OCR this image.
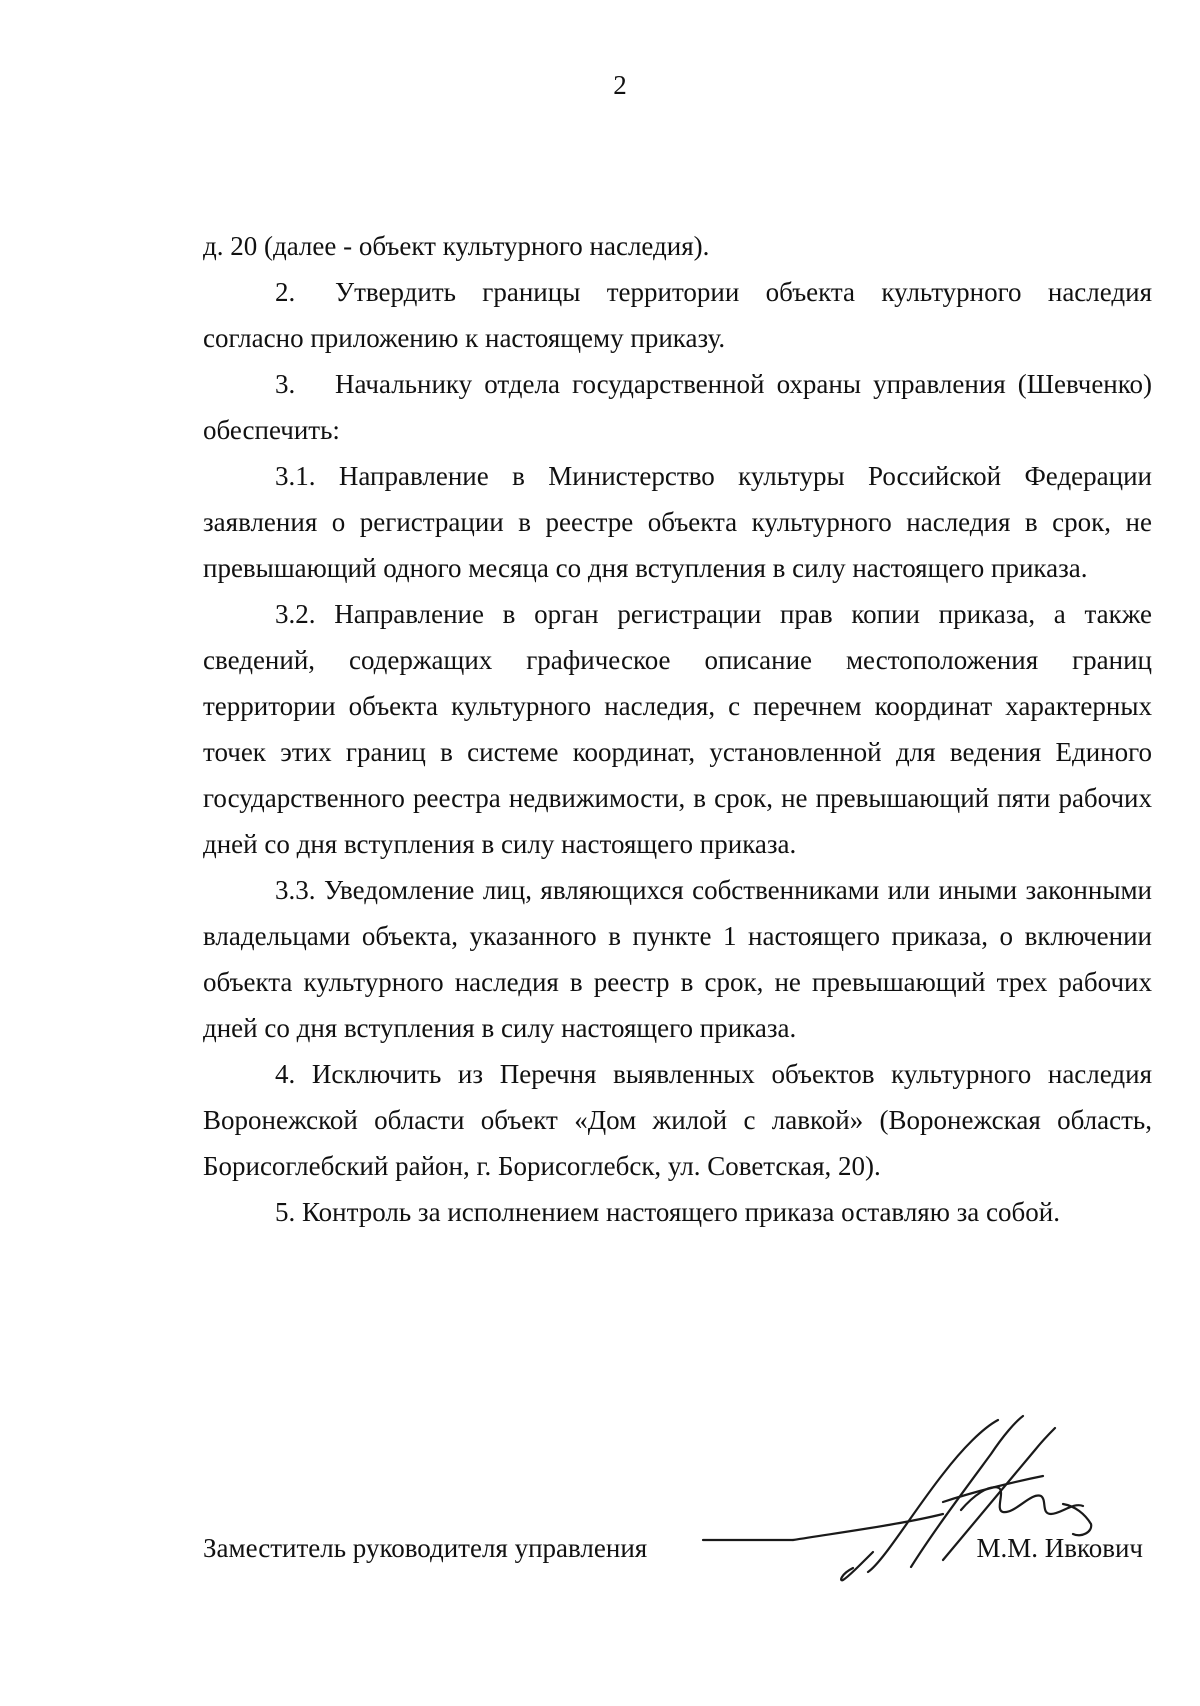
2

д. 20 (далее - объект культурного наследия).

2. Утвердить границы территории объекта культурного наследия согласно приложению к настоящему приказу.

3. Начальнику отдела государственной охраны управления (Шевченко) обеспечить:

3.1. Направление в Министерство культуры Российской Федерации заявления о регистрации в реестре объекта культурного наследия в срок, не превышающий одного месяца со дня вступления в силу настоящего приказа.

3.2. Направление в орган регистрации прав копии приказа, а также сведений, содержащих графическое описание местоположения границ территории объекта культурного наследия, с перечнем координат характерных точек этих границ в системе координат, установленной для ведения Единого государственного реестра недвижимости, в срок, не превышающий пяти рабочих дней со дня вступления в силу настоящего приказа.

3.3. Уведомление лиц, являющихся собственниками или иными законными владельцами объекта, указанного в пункте 1 настоящего приказа, о включении объекта культурного наследия в реестр в срок, не превышающий трех рабочих дней со дня вступления в силу настоящего приказа.

4. Исключить из Перечня выявленных объектов культурного наследия Воронежской области объект «Дом жилой с лавкой» (Воронежская область, Борисоглебский район, г. Борисоглебск, ул. Советская, 20).

5. Контроль за исполнением настоящего приказа оставляю за собой.

Заместитель руководителя управления	М.М. Ивкович
